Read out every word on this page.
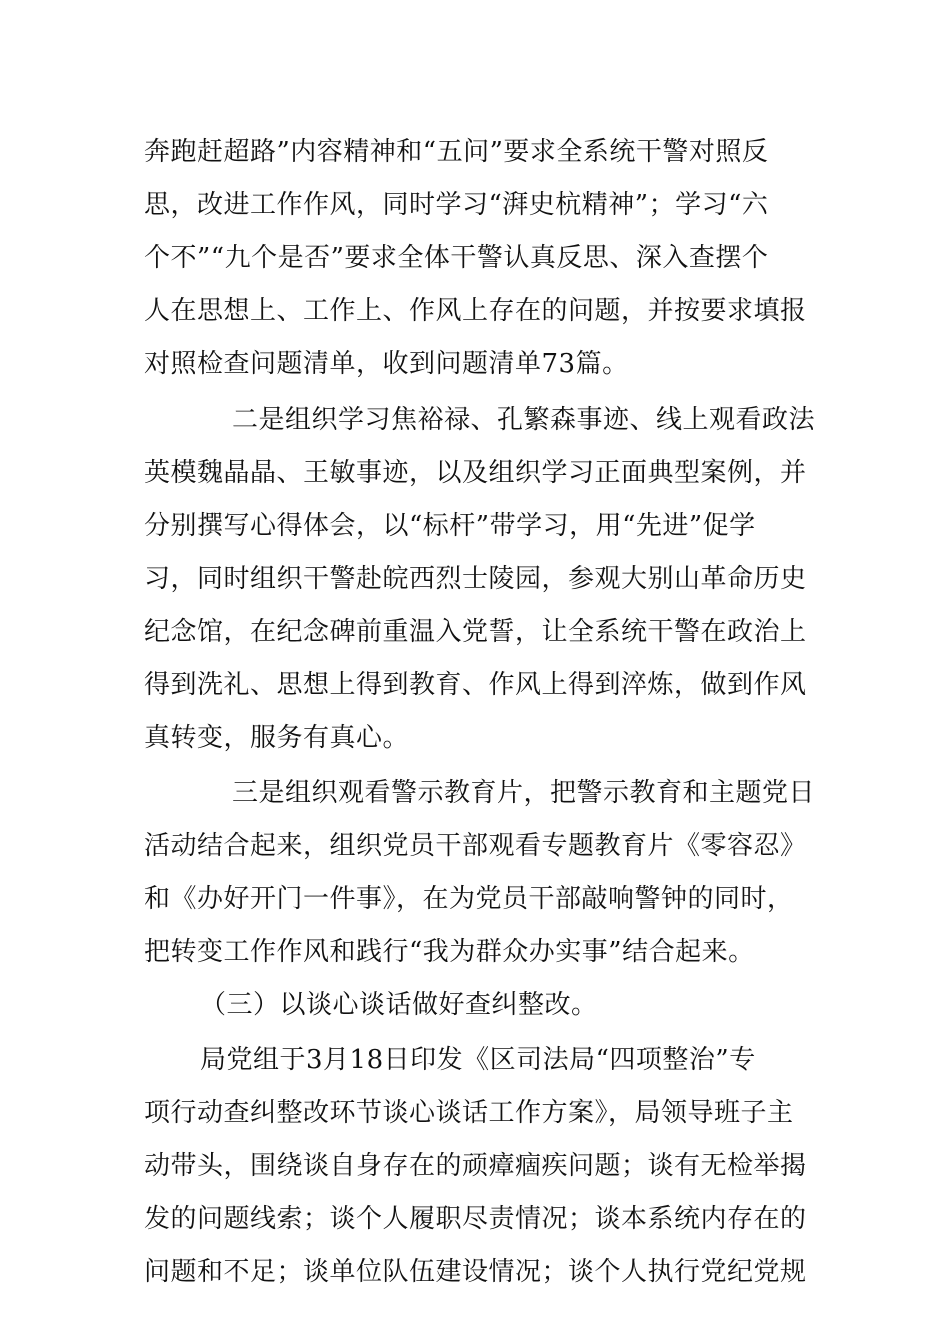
奔跑赶超路”内容精神和“五问”要求全系统干警对照反
思，改进工作作风，同时学习“湃史杭精神”；学习“六
个不”“九个是否”要求全体干警认真反思、深入查摆个
人在思想上、工作上、作风上存在的问题，并按要求填报
对照检查问题清单，收到问题清单73篇。
二是组织学习焦裕禄、孔繁森事迹、线上观看政法
英模魏晶晶、王敏事迹，以及组织学习正面典型案例，并
分别撰写心得体会，以“标杆”带学习，用“先进”促学
习，同时组织干警赴皖西烈士陵园，参观大别山革命历史
纪念馆，在纪念碑前重温入党誓，让全系统干警在政治上
得到洗礼、思想上得到教育、作风上得到淬炼，做到作风
真转变，服务有真心。
三是组织观看警示教育片，把警示教育和主题党日
活动结合起来，组织党员干部观看专题教育片《零容忍》
和《办好开门一件事》，在为党员干部敲响警钟的同时，
把转变工作作风和践行“我为群众办实事”结合起来。
（三）以谈心谈话做好查纠整改。
局党组于3月18日印发《区司法局“四项整治”专
项行动查纠整改环节谈心谈话工作方案》，局领导班子主
动带头，围绕谈自身存在的顽瘴痼疾问题；谈有无检举揭
发的问题线索；谈个人履职尽责情况；谈本系统内存在的
问题和不足；谈单位队伍建设情况；谈个人执行党纪党规
